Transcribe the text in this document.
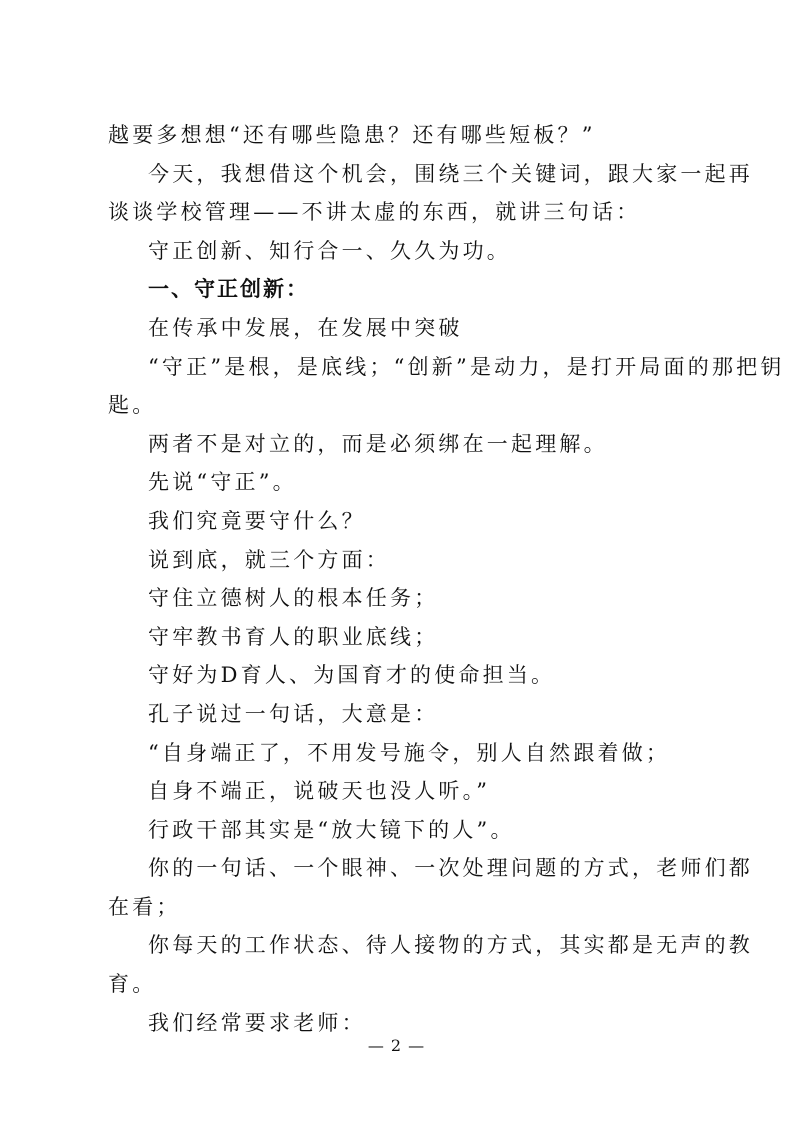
越要多想想“还有哪些隐患？还有哪些短板？”
今天，我想借这个机会，围绕三个关键词，跟大家一起再
谈谈学校管理——不讲太虚的东西，就讲三句话：
守正创新、知行合一、久久为功。
一、守正创新：
在传承中发展，在发展中突破
“守正”是根，是底线；“创新”是动力，是打开局面的那把钥
匙。
两者不是对立的，而是必须绑在一起理解。
先说“守正”。
我们究竟要守什么？
说到底，就三个方面：
守住立德树人的根本任务；
守牢教书育人的职业底线；
守好为D育人、为国育才的使命担当。
孔子说过一句话，大意是：
“自身端正了，不用发号施令，别人自然跟着做；
自身不端正，说破天也没人听。”
行政干部其实是“放大镜下的人”。
你的一句话、一个眼神、一次处理问题的方式，老师们都
在看；
你每天的工作状态、待人接物的方式，其实都是无声的教
育。
我们经常要求老师：
— 2 —
